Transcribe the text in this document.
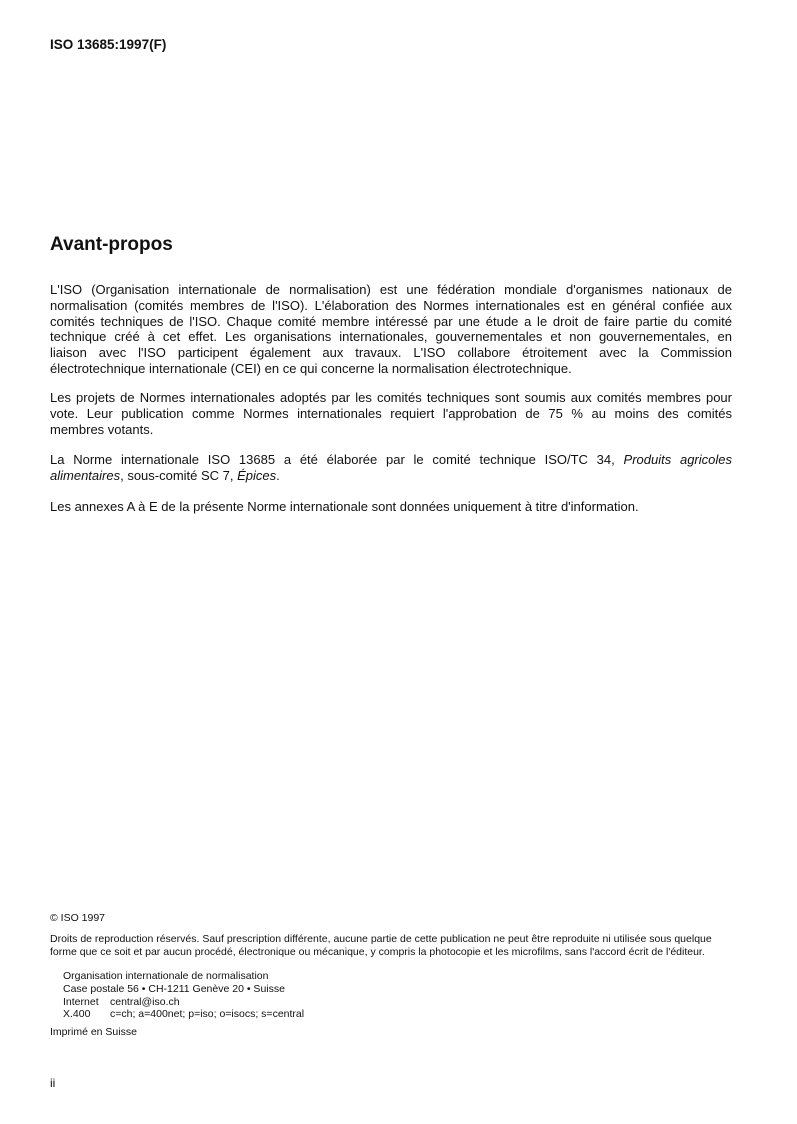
ISO 13685:1997(F)
Avant-propos
L'ISO (Organisation internationale de normalisation) est une fédération mondiale d'organismes nationaux de
normalisation (comités membres de l'ISO). L'élaboration des Normes internationales est en général confiée aux
comités techniques de l'ISO. Chaque comité membre intéressé par une étude a le droit de faire partie du comité
technique créé à cet effet. Les organisations internationales, gouvernementales et non gouvernementales, en
liaison avec l'ISO participent également aux travaux. L'ISO collabore étroitement avec la Commission
électrotechnique internationale (CEI) en ce qui concerne la normalisation électrotechnique.
Les projets de Normes internationales adoptés par les comités techniques sont soumis aux comités membres pour
vote. Leur publication comme Normes internationales requiert l'approbation de 75 % au moins des comités
membres votants.
La Norme internationale ISO 13685 a été élaborée par le comité technique ISO/TC 34, Produits agricoles
alimentaires, sous-comité SC 7, Épices.
Les annexes A à E de la présente Norme internationale sont données uniquement à titre d'information.
© ISO 1997
Droits de reproduction réservés. Sauf prescription différente, aucune partie de cette publication ne peut être reproduite ni utilisée sous quelque
forme que ce soit et par aucun procédé, électronique ou mécanique, y compris la photocopie et les microfilms, sans l'accord écrit de l'éditeur.
Organisation internationale de normalisation
Case postale 56 • CH-1211 Genève 20 • Suisse
Internet central@iso.ch
X.400 c=ch; a=400net; p=iso; o=isocs; s=central
Imprimé en Suisse
ii
